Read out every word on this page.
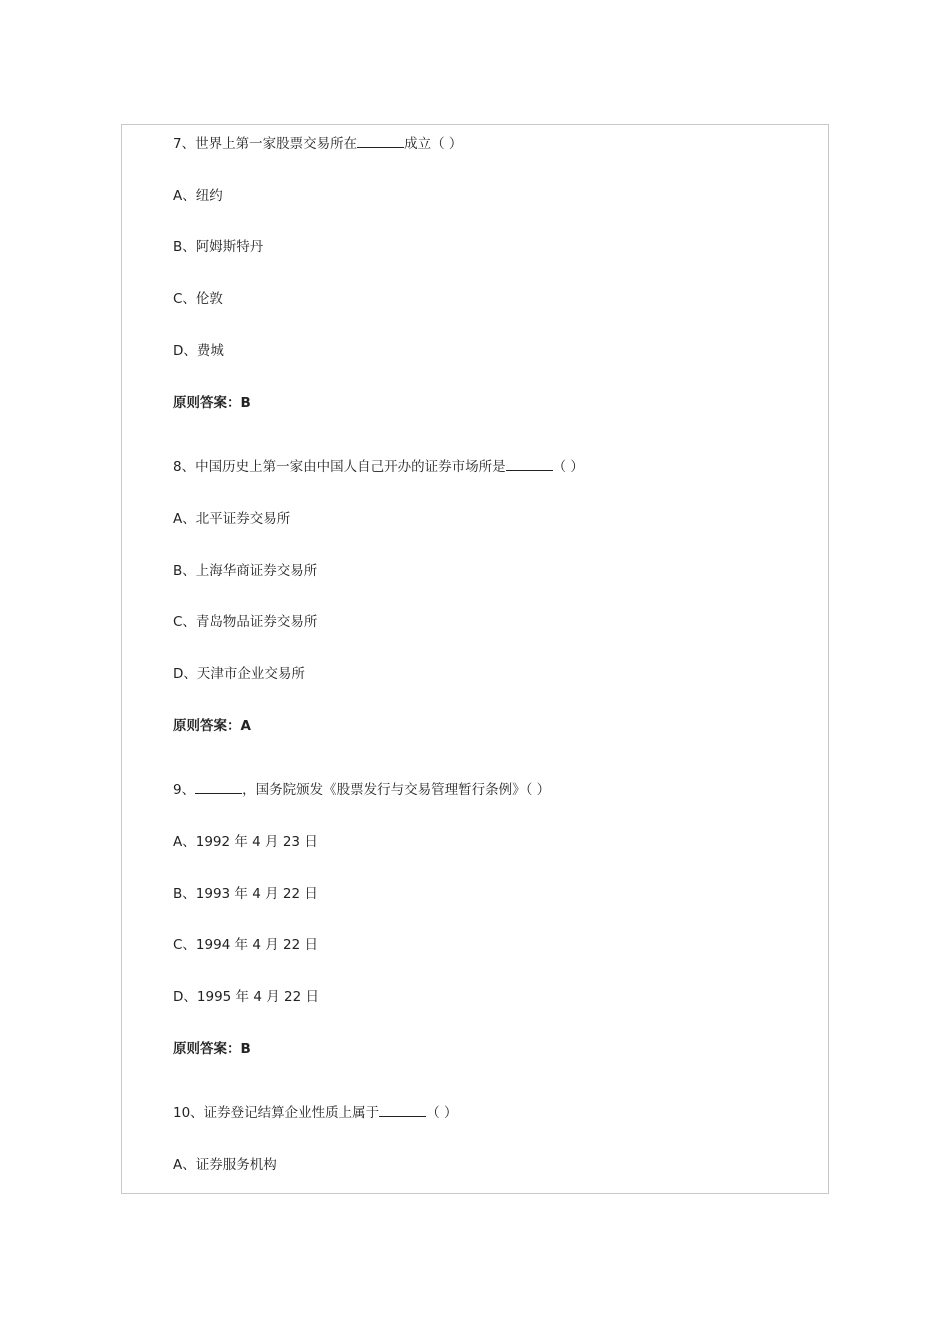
7、世界上第一家股票交易所在	成立（ ）
A、纽约
B、阿姆斯特丹
C、伦敦
D、费城
原则答案：B
8、中国历史上第一家由中国人自己开办的证券市场所是	（ ）
A、北平证券交易所
B、上海华商证券交易所
C、青岛物品证券交易所
D、天津市企业交易所
原则答案：A
9、	，国务院颁发《股票发行与交易管理暂行条例》（ ）
A、1992 年 4 月 23 日
B、1993 年 4 月 22 日
C、1994 年 4 月 22 日
D、1995 年 4 月 22 日
原则答案：B
10、证券登记结算企业性质上属于	（ ）
A、证券服务机构
